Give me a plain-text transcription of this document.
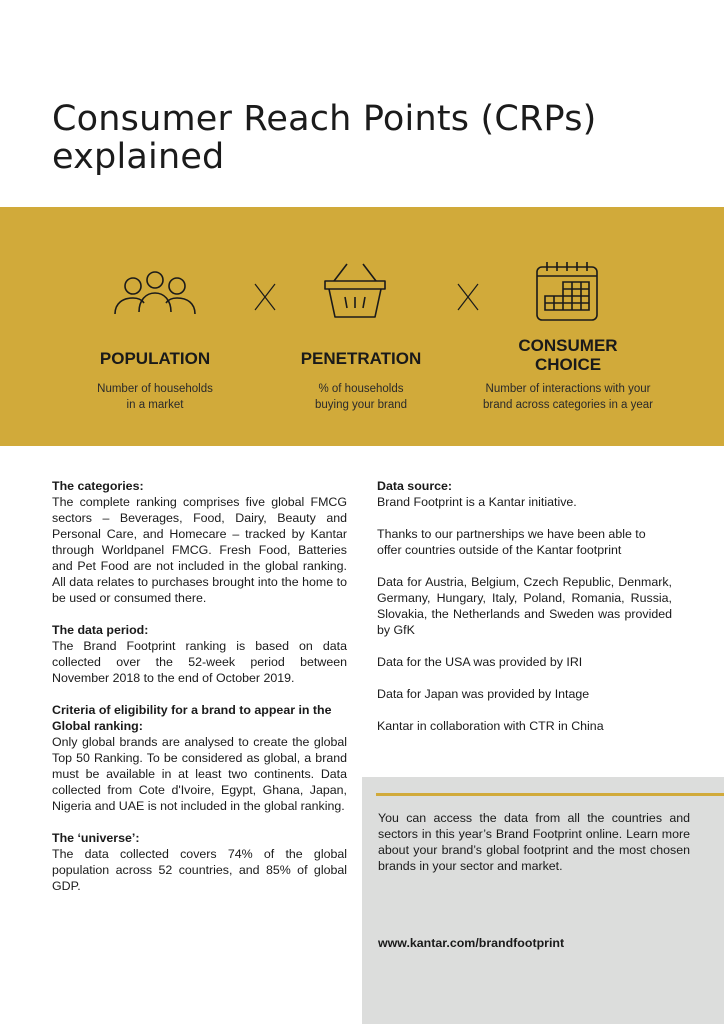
Consumer Reach Points (CRPs) explained
POPULATION	PENETRATION
CONSUMER
CHOICE
Number of households
in a market
% of households
buying your brand
Number of interactions with your
brand across categories in a year
The categories:

The complete ranking comprises five global FMCG sectors – Beverages, Food, Dairy, Beauty and Personal Care, and Homecare – tracked by Kantar through Worldpanel FMCG. Fresh Food, Batteries and Pet Food are not included in the global ranking. All data relates to purchases brought into the home to be used or consumed there.

The data period:

The Brand Footprint ranking is based on data collected over the 52-week period between November 2018 to the end of October 2019.

Criteria of eligibility for a brand to appear in the Global ranking:

Only global brands are analysed to create the global Top 50 Ranking. To be considered as global, a brand must be available in at least two continents. Data collected from Cote d'Ivoire, Egypt, Ghana, Japan, Nigeria and UAE is not included in the global ranking.

The ‘universe’:

The data collected covers 74% of the global population across 52 countries, and 85% of global GDP.

Data source:

Brand Footprint is a Kantar initiative.

Thanks to our partnerships we have been able to offer countries outside of the Kantar footprint

Data for Austria, Belgium, Czech Republic, Denmark, Germany, Hungary, Italy, Poland, Romania, Russia, Slovakia, the Netherlands and Sweden was provided by GfK

Data for the USA was provided by IRI

Data for Japan was provided by Intage

Kantar in collaboration with CTR in China

You can access the data from all the countries and sectors in this year’s Brand Footprint online. Learn more about your brand’s global footprint and the most chosen brands in your sector and market.
www.kantar.com/brandfootprint
